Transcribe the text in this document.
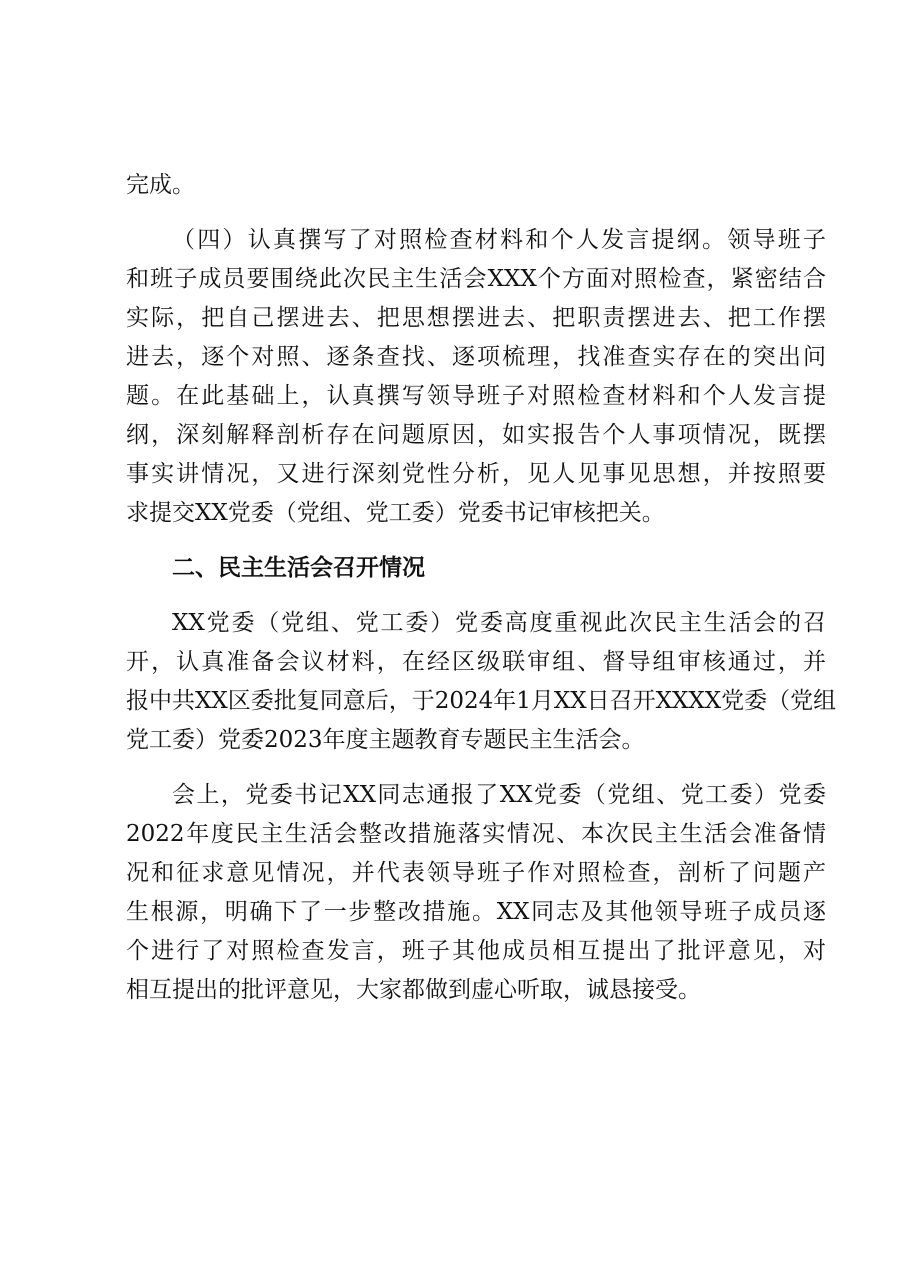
完成。
（四）认真撰写了对照检查材料和个人发言提纲。领导班子
和班子成员要围绕此次民主生活会XXX个方面对照检查，紧密结合
实际，把自己摆进去、把思想摆进去、把职责摆进去、把工作摆
进去，逐个对照、逐条查找、逐项梳理，找准查实存在的突出问
题。在此基础上，认真撰写领导班子对照检查材料和个人发言提
纲，深刻解释剖析存在问题原因，如实报告个人事项情况，既摆
事实讲情况，又进行深刻党性分析，见人见事见思想，并按照要
求提交XX党委（党组、党工委）党委书记审核把关。
二、民主生活会召开情况
XX党委（党组、党工委）党委高度重视此次民主生活会的召
开，认真准备会议材料，在经区级联审组、督导组审核通过，并
报中共XX区委批复同意后，于2024年1月XX日召开XXXX党委（党组
党工委）党委2023年度主题教育专题民主生活会。
会上，党委书记XX同志通报了XX党委（党组、党工委）党委
2022年度民主生活会整改措施落实情况、本次民主生活会准备情
况和征求意见情况，并代表领导班子作对照检查，剖析了问题产
生根源，明确下了一步整改措施。XX同志及其他领导班子成员逐
个进行了对照检查发言，班子其他成员相互提出了批评意见，对
相互提出的批评意见，大家都做到虚心听取，诚恳接受。
